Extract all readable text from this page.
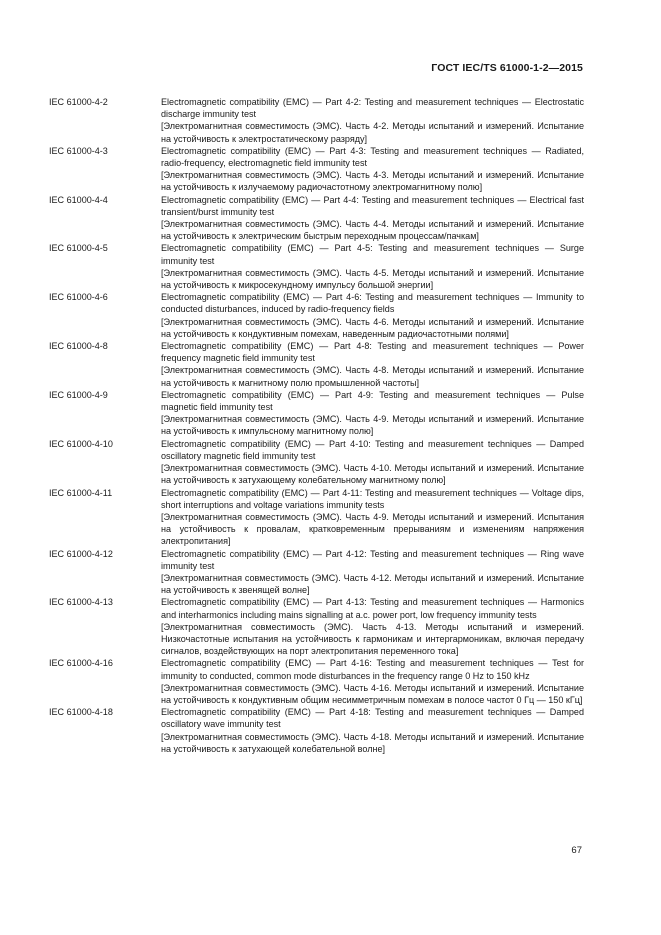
ГОСТ IEC/TS 61000-1-2—2015
IEC 61000-4-2	Electromagnetic compatibility (EMC) — Part 4-2: Testing and measurement techniques — Electrostatic discharge immunity test

[Электромагнитная совместимость (ЭМС). Часть 4-2. Методы испытаний и измерений. Испытание на устойчивость к электростатическому разряду]

IEC 61000-4-3	Electromagnetic compatibility (EMC) — Part 4-3: Testing and measurement techniques — Radiated, radio-frequency, electromagnetic field immunity test

[Электромагнитная совместимость (ЭМС). Часть 4-3. Методы испытаний и измерений. Испытание на устойчивость к излучаемому радиочастотному электромагнитному полю]

IEC 61000-4-4	Electromagnetic compatibility (EMC) — Part 4-4: Testing and measurement techniques — Electrical fast transient/burst immunity test

[Электромагнитная совместимость (ЭМС). Часть 4-4. Методы испытаний и измерений. Испытание на устойчивость к электрическим быстрым переходным процессам/пачкам]

IEC 61000-4-5	Electromagnetic compatibility (EMC) — Part 4-5: Testing and measurement techniques — Surge immunity test

[Электромагнитная совместимость (ЭМС). Часть 4-5. Методы испытаний и измерений. Испытание на устойчивость к микросекундному импульсу большой энергии]

IEC 61000-4-6	Electromagnetic compatibility (EMC) — Part 4-6: Testing and measurement techniques — Immunity to conducted disturbances, induced by radio-frequency fields

[Электромагнитная совместимость (ЭМС). Часть 4-6. Методы испытаний и измерений. Испытание на устойчивость к кондуктивным помехам, наведенным радиочастотными полями]

IEC 61000-4-8	Electromagnetic compatibility (EMC) — Part 4-8: Testing and measurement techniques — Power frequency magnetic field immunity test

[Электромагнитная совместимость (ЭМС). Часть 4-8. Методы испытаний и измерений. Испытание на устойчивость к магнитному полю промышленной частоты]

IEC 61000-4-9	Electromagnetic compatibility (EMC) — Part 4-9: Testing and measurement techniques — Pulse magnetic field immunity test

[Электромагнитная совместимость (ЭМС). Часть 4-9. Методы испытаний и измерений. Испытание на устойчивость к импульсному магнитному полю]

IEC 61000-4-10	Electromagnetic compatibility (EMC) — Part 4-10: Testing and measurement techniques — Damped oscillatory magnetic field immunity test

[Электромагнитная совместимость (ЭМС). Часть 4-10. Методы испытаний и измерений. Испытание на устойчивость к затухающему колебательному магнитному полю]

IEC 61000-4-11	Electromagnetic compatibility (EMC) — Part 4-11: Testing and measurement techniques — Voltage dips, short interruptions and voltage variations immunity tests

[Электромагнитная совместимость (ЭМС). Часть 4-9. Методы испытаний и измерений. Испытания на устойчивость к провалам, кратковременным прерываниям и изменениям напряжения электропитания]

IEC 61000-4-12	Electromagnetic compatibility (EMC) — Part 4-12: Testing and measurement techniques — Ring wave immunity test

[Электромагнитная совместимость (ЭМС). Часть 4-12. Методы испытаний и измерений. Испытание на устойчивость к звенящей волне]

IEC 61000-4-13	Electromagnetic compatibility (EMC) — Part 4-13: Testing and measurement techniques — Harmonics and interharmonics including mains signalling at a.c. power port, low frequency immunity tests

[Электромагнитная совместимость (ЭМС). Часть 4-13. Методы испытаний и измерений. Низкочастотные испытания на устойчивость к гармоникам и интергармоникам, включая передачу сигналов, воздействующих на порт электропитания переменного тока]

IEC 61000-4-16	Electromagnetic compatibility (EMC) — Part 4-16: Testing and measurement techniques — Test for immunity to conducted, common mode disturbances in the frequency range 0 Hz to 150 kHz

[Электромагнитная совместимость (ЭМС). Часть 4-16. Методы испытаний и измерений. Испытание на устойчивость к кондуктивным общим несимметричным помехам в полосе частот 0 Гц — 150 кГц]

IEC 61000-4-18	Electromagnetic compatibility (EMC) — Part 4-18: Testing and measurement techniques — Damped oscillatory wave immunity test

[Электромагнитная совместимость (ЭМС). Часть 4-18. Методы испытаний и измерений. Испытание на устойчивость к затухающей колебательной волне]

67
